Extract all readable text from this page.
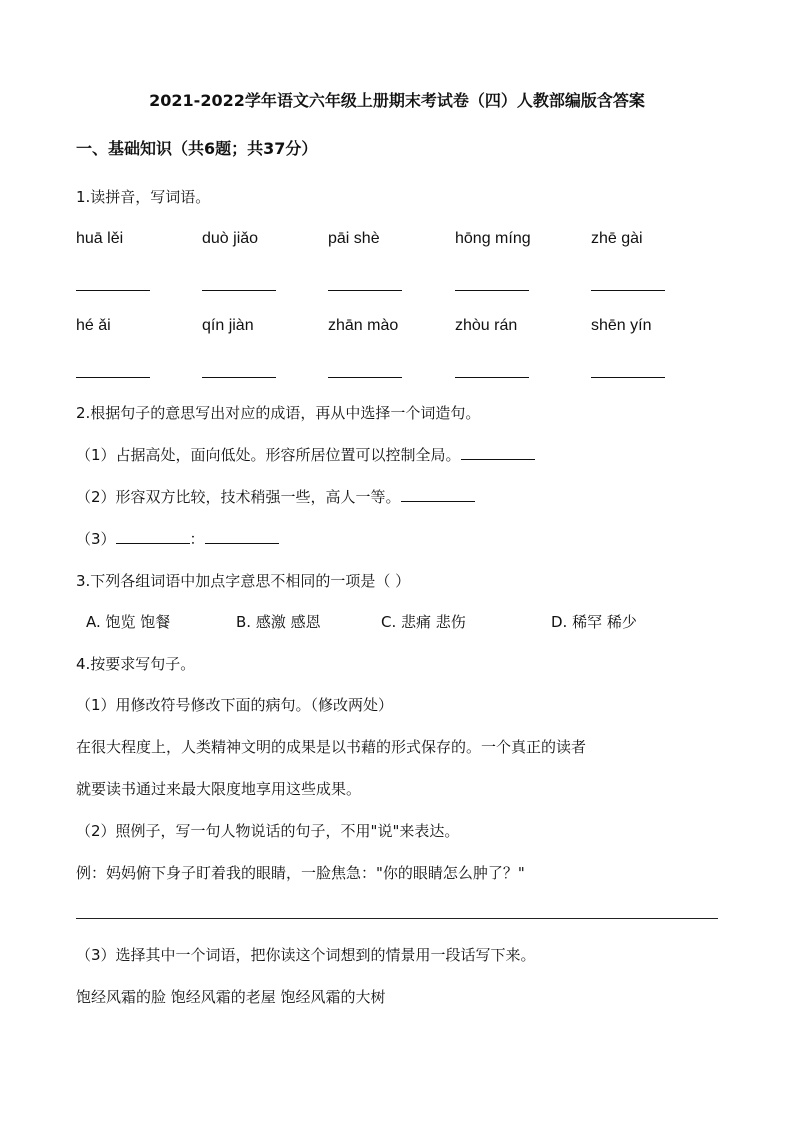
2021-2022学年语文六年级上册期末考试卷（四）人教部编版含答案
一、基础知识（共6题；共37分）
1.读拼音，写词语。
huā lěi	duò jiǎo	pāi shè	hōng míng	zhē gài
hé ǎi	qín jiàn	zhān mào	zhòu rán	shēn yín
2.根据句子的意思写出对应的成语，再从中选择一个词造句。
（1）占据高处，面向低处。形容所居位置可以控制全局。
（2）形容双方比较，技术稍强一些，高人一等。
（3）	：
3.下列各组词语中加点字意思不相同的一项是（ ）
A. 饱览 饱餐	B. 感激 感恩	C. 悲痛 悲伤	D. 稀罕 稀少
4.按要求写句子。
（1）用修改符号修改下面的病句。（修改两处）
在很大程度上，人类精神文明的成果是以书藉的形式保存的。一个真正的读者
就要读书通过来最大限度地享用这些成果。
（2）照例子，写一句人物说话的句子，不用"说"来表达。
例：妈妈俯下身子盯着我的眼睛，一脸焦急："你的眼睛怎么肿了？"
（3）选择其中一个词语，把你读这个词想到的情景用一段话写下来。
饱经风霜的脸 饱经风霜的老屋 饱经风霜的大树
